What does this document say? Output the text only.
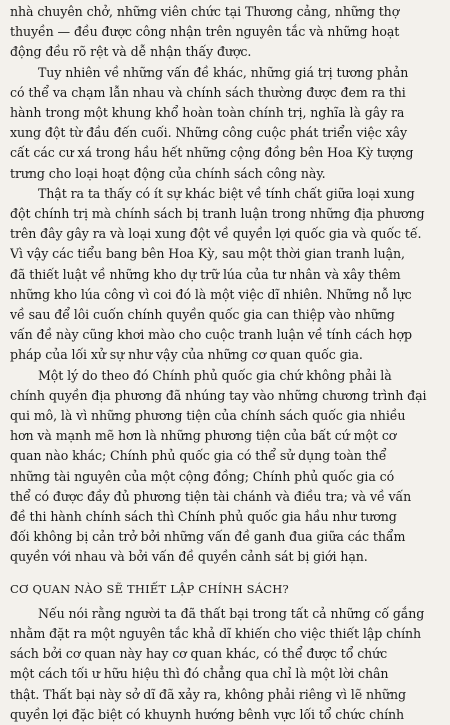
nhà chuyên chở, những viên chức tại Thương cảng, những thợ
thuyền — đều được công nhận trên nguyên tắc và những hoạt
động đều rõ rệt và dễ nhận thấy được.

Tuy nhiên về những vấn đề khác, những giá trị tương phản
có thể va chạm lẫn nhau và chính sách thường được đem ra thi
hành trong một khung khổ hoàn toàn chính trị, nghĩa là gây ra
xung đột từ đầu đến cuối. Những công cuộc phát triển việc xây
cất các cư xá trong hầu hết những cộng đồng bên Hoa Kỳ tượng
trưng cho loại hoạt động của chính sách công này.

Thật ra ta thấy có ít sự khác biệt về tính chất giữa loại xung
đột chính trị mà chính sách bị tranh luận trong những địa phương
trên đây gây ra và loại xung đột về quyền lợi quốc gia và quốc tế.
Vì vậy các tiểu bang bên Hoa Kỳ, sau một thời gian tranh luận,
đã thiết luật về những kho dự trữ lúa của tư nhân và xây thêm
những kho lúa công vì coi đó là một việc dĩ nhiên. Những nỗ lực
về sau để lôi cuốn chính quyền quốc gia can thiệp vào những
vấn đề này cũng khơi mào cho cuộc tranh luận về tính cách hợp
pháp của lối xử sự như vậy của những cơ quan quốc gia.

Một lý do theo đó Chính phủ quốc gia chứ không phải là
chính quyền địa phương đã nhúng tay vào những chương trình đại
qui mô, là vì những phương tiện của chính sách quốc gia nhiều
hơn và mạnh mẽ hơn là những phương tiện của bất cứ một cơ
quan nào khác; Chính phủ quốc gia có thể sử dụng toàn thể
những tài nguyên của một cộng đồng; Chính phủ quốc gia có
thể có được đầy đủ phương tiện tài chánh và điều tra; và về vấn
đề thi hành chính sách thì Chính phủ quốc gia hầu như tương
đối không bị cản trở bởi những vấn đề ganh đua giữa các thẩm
quyền với nhau và bởi vấn đề quyền cảnh sát bị giới hạn.

CƠ QUAN NÀO SẼ THIẾT LẬP CHÍNH SÁCH?

Nếu nói rằng người ta đã thất bại trong tất cả những cố gắng
nhằm đặt ra một nguyên tắc khả dĩ khiến cho việc thiết lập chính
sách bởi cơ quan này hay cơ quan khác, có thể được tổ chức
một cách tối ư hữu hiệu thì đó chẳng qua chỉ là một lời chân
thật. Thất bại này sở dĩ đã xảy ra, không phải riêng vì lẽ những
quyền lợi đặc biệt có khuynh hướng bênh vực lối tổ chức chính
